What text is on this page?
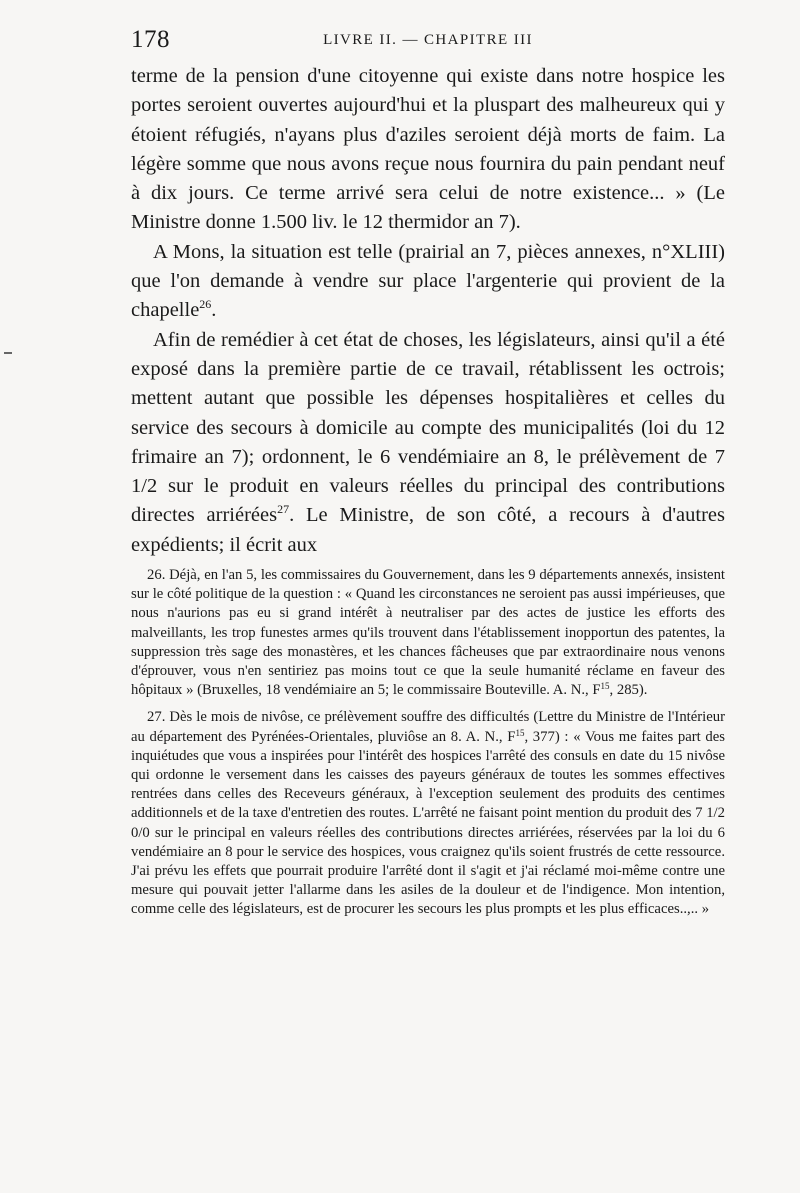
178	LIVRE II. — CHAPITRE III

terme de la pension d'une citoyenne qui existe dans notre hospice les portes seroient ouvertes aujourd'hui et la pluspart des malheureux qui y étoient réfugiés, n'ayans plus d'aziles seroient déjà morts de faim. La légère somme que nous avons reçue nous fournira du pain pendant neuf à dix jours. Ce terme arrivé sera celui de notre existence... » (Le Ministre donne 1.500 liv. le 12 thermidor an 7).

A Mons, la situation est telle (prairial an 7, pièces annexes, n°XLIII) que l'on demande à vendre sur place l'argenterie qui provient de la chapelle$^{26}$.

Afin de remédier à cet état de choses, les législateurs, ainsi qu'il a été exposé dans la première partie de ce travail, rétablissent les octrois; mettent autant que possible les dépenses hospitalières et celles du service des secours à domicile au compte des municipalités (loi du 12 frimaire an 7); ordonnent, le 6 vendémiaire an 8, le prélèvement de 7 1/2 sur le produit en valeurs réelles du principal des contributions directes arriérées$^{27}$. Le Ministre, de son côté, a recours à d'autres expédients; il écrit aux

26. Déjà, en l'an 5, les commissaires du Gouvernement, dans les 9 départements annexés, insistent sur le côté politique de la question : « Quand les circonstances ne seroient pas aussi impérieuses, que nous n'aurions pas eu si grand intérêt à neutraliser par des actes de justice les efforts des malveillants, les trop funestes armes qu'ils trouvent dans l'établissement inopportun des patentes, la suppression très sage des monastères, et les chances fâcheuses que par extraordinaire nous venons d'éprouver, vous n'en sentiriez pas moins tout ce que la seule humanité réclame en faveur des hôpitaux » (Bruxelles, 18 vendémiaire an 5; le commissaire Bouteville. A. N., $F^{15}$, 285).

27. Dès le mois de nivôse, ce prélèvement souffre des difficultés (Lettre du Ministre de l'Intérieur au département des Pyrénées-Orientales, pluviôse an 8. A. N., $F^{15}$, 377) : « Vous me faites part des inquiétudes que vous a inspirées pour l'intérêt des hospices l'arrêté des consuls en date du 15 nivôse qui ordonne le versement dans les caisses des payeurs généraux de toutes les sommes effectives rentrées dans celles des Receveurs généraux, à l'exception seulement des produits des centimes additionnels et de la taxe d'entretien des routes. L'arrêté ne faisant point mention du produit des 7 1/2 0/0 sur le principal en valeurs réelles des contributions directes arriérées, réservées par la loi du 6 vendémiaire an 8 pour le service des hospices, vous craignez qu'ils soient frustrés de cette ressource. J'ai prévu les effets que pourrait produire l'arrêté dont il s'agit et j'ai réclamé moi-même contre une mesure qui pouvait jetter l'allarme dans les asiles de la douleur et de l'indigence. Mon intention, comme celle des législateurs, est de procurer les secours les plus prompts et les plus efficaces..,.. »
